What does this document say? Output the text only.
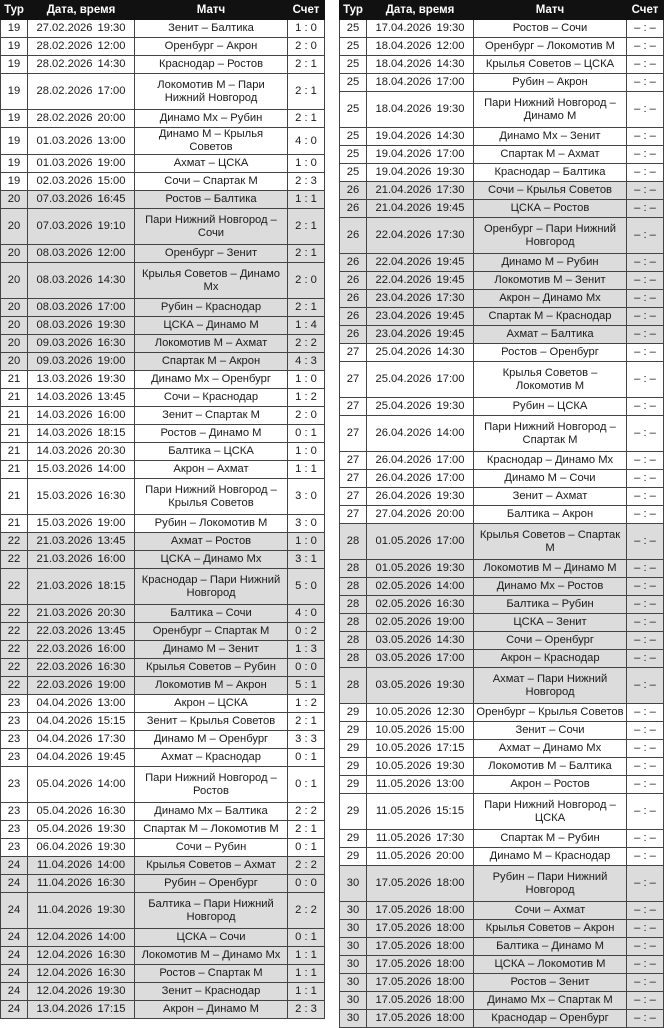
Тур	Дата, время	Матч	Счет
19	27.02.2026 19:30	Зенит – Балтика	1 : 0
19	28.02.2026 12:00	Оренбург – Акрон	2 : 0
19	28.02.2026 14:30	Краснодар – Ростов	2 : 1
19	28.02.2026 17:00	Локомотив М – Пари Нижний Новгород	2 : 1
19	28.02.2026 20:00	Динамо Мх – Рубин	2 : 1
19	01.03.2026 13:00	Динамо М – Крылья Советов	4 : 0
19	01.03.2026 19:00	Ахмат – ЦСКА	1 : 0
19	02.03.2026 15:00	Сочи – Спартак М	2 : 3
20	07.03.2026 16:45	Ростов – Балтика	1 : 1
20	07.03.2026 19:10	Пари Нижний Новгород – Сочи	2 : 1
20	08.03.2026 12:00	Оренбург – Зенит	2 : 1
20	08.03.2026 14:30	Крылья Советов – Динамо Мх	2 : 0
20	08.03.2026 17:00	Рубин – Краснодар	2 : 1
20	08.03.2026 19:30	ЦСКА – Динамо М	1 : 4
20	09.03.2026 16:30	Локомотив М – Ахмат	2 : 2
20	09.03.2026 19:00	Спартак М – Акрон	4 : 3
21	13.03.2026 19:30	Динамо Мх – Оренбург	1 : 0
21	14.03.2026 13:45	Сочи – Краснодар	1 : 2
21	14.03.2026 16:00	Зенит – Спартак М	2 : 0
21	14.03.2026 18:15	Ростов – Динамо М	0 : 1
21	14.03.2026 20:30	Балтика – ЦСКА	1 : 0
21	15.03.2026 14:00	Акрон – Ахмат	1 : 1
21	15.03.2026 16:30	Пари Нижний Новгород – Крылья Советов	3 : 0
21	15.03.2026 19:00	Рубин – Локомотив М	3 : 0
22	21.03.2026 13:45	Ахмат – Ростов	1 : 0
22	21.03.2026 16:00	ЦСКА – Динамо Мх	3 : 1
22	21.03.2026 18:15	Краснодар – Пари Нижний Новгород	5 : 0
22	21.03.2026 20:30	Балтика – Сочи	4 : 0
22	22.03.2026 13:45	Оренбург – Спартак М	0 : 2
22	22.03.2026 16:00	Динамо М – Зенит	1 : 3
22	22.03.2026 16:30	Крылья Советов – Рубин	0 : 0
22	22.03.2026 19:00	Локомотив М – Акрон	5 : 1
23	04.04.2026 13:00	Акрон – ЦСКА	1 : 2
23	04.04.2026 15:15	Зенит – Крылья Советов	2 : 1
23	04.04.2026 17:30	Динамо М – Оренбург	3 : 3
23	04.04.2026 19:45	Ахмат – Краснодар	0 : 1
23	05.04.2026 14:00	Пари Нижний Новгород – Ростов	0 : 1
23	05.04.2026 16:30	Динамо Мх – Балтика	2 : 2
23	05.04.2026 19:30	Спартак М – Локомотив М	2 : 1
23	06.04.2026 19:30	Сочи – Рубин	0 : 1
24	11.04.2026 14:00	Крылья Советов – Ахмат	2 : 2
24	11.04.2026 16:30	Рубин – Оренбург	0 : 0
24	11.04.2026 19:30	Балтика – Пари Нижний Новгород	2 : 2
24	12.04.2026 14:00	ЦСКА – Сочи	0 : 1
24	12.04.2026 16:30	Локомотив М – Динамо Мх	1 : 1
24	12.04.2026 16:30	Ростов – Спартак М	1 : 1
24	12.04.2026 19:30	Зенит – Краснодар	1 : 1
24	13.04.2026 17:15	Акрон – Динамо М	2 : 3
Тур	Дата, время	Матч	Счет
25	17.04.2026 19:30	Ростов – Сочи	– : –
25	18.04.2026 12:00	Оренбург – Локомотив М	– : –
25	18.04.2026 14:30	Крылья Советов – ЦСКА	– : –
25	18.04.2026 17:00	Рубин – Акрон	– : –
25	18.04.2026 19:30	Пари Нижний Новгород – Динамо М	– : –
25	19.04.2026 14:30	Динамо Мх – Зенит	– : –
25	19.04.2026 17:00	Спартак М – Ахмат	– : –
25	19.04.2026 19:30	Краснодар – Балтика	– : –
26	21.04.2026 17:30	Сочи – Крылья Советов	– : –
26	21.04.2026 19:45	ЦСКА – Ростов	– : –
26	22.04.2026 17:30	Оренбург – Пари Нижний Новгород	– : –
26	22.04.2026 19:45	Динамо М – Рубин	– : –
26	22.04.2026 19:45	Локомотив М – Зенит	– : –
26	23.04.2026 17:30	Акрон – Динамо Мх	– : –
26	23.04.2026 19:45	Спартак М – Краснодар	– : –
26	23.04.2026 19:45	Ахмат – Балтика	– : –
27	25.04.2026 14:30	Ростов – Оренбург	– : –
27	25.04.2026 17:00	Крылья Советов – Локомотив М	– : –
27	25.04.2026 19:30	Рубин – ЦСКА	– : –
27	26.04.2026 14:00	Пари Нижний Новгород – Спартак М	– : –
27	26.04.2026 17:00	Краснодар – Динамо Мх	– : –
27	26.04.2026 17:00	Динамо М – Сочи	– : –
27	26.04.2026 19:30	Зенит – Ахмат	– : –
27	27.04.2026 20:00	Балтика – Акрон	– : –
28	01.05.2026 17:00	Крылья Советов – Спартак М	– : –
28	01.05.2026 19:30	Локомотив М – Динамо М	– : –
28	02.05.2026 14:00	Динамо Мх – Ростов	– : –
28	02.05.2026 16:30	Балтика – Рубин	– : –
28	02.05.2026 19:00	ЦСКА – Зенит	– : –
28	03.05.2026 14:30	Сочи – Оренбург	– : –
28	03.05.2026 17:00	Акрон – Краснодар	– : –
28	03.05.2026 19:30	Ахмат – Пари Нижний Новгород	– : –
29	10.05.2026 12:30	Оренбург – Крылья Советов	– : –
29	10.05.2026 15:00	Зенит – Сочи	– : –
29	10.05.2026 17:15	Ахмат – Динамо Мх	– : –
29	10.05.2026 19:30	Локомотив М – Балтика	– : –
29	11.05.2026 13:00	Акрон – Ростов	– : –
29	11.05.2026 15:15	Пари Нижний Новгород – ЦСКА	– : –
29	11.05.2026 17:30	Спартак М – Рубин	– : –
29	11.05.2026 20:00	Динамо М – Краснодар	– : –
30	17.05.2026 18:00	Рубин – Пари Нижний Новгород	– : –
30	17.05.2026 18:00	Сочи – Ахмат	– : –
30	17.05.2026 18:00	Крылья Советов – Акрон	– : –
30	17.05.2026 18:00	Балтика – Динамо М	– : –
30	17.05.2026 18:00	ЦСКА – Локомотив М	– : –
30	17.05.2026 18:00	Ростов – Зенит	– : –
30	17.05.2026 18:00	Динамо Мх – Спартак М	– : –
30	17.05.2026 18:00	Краснодар – Оренбург	– : –
